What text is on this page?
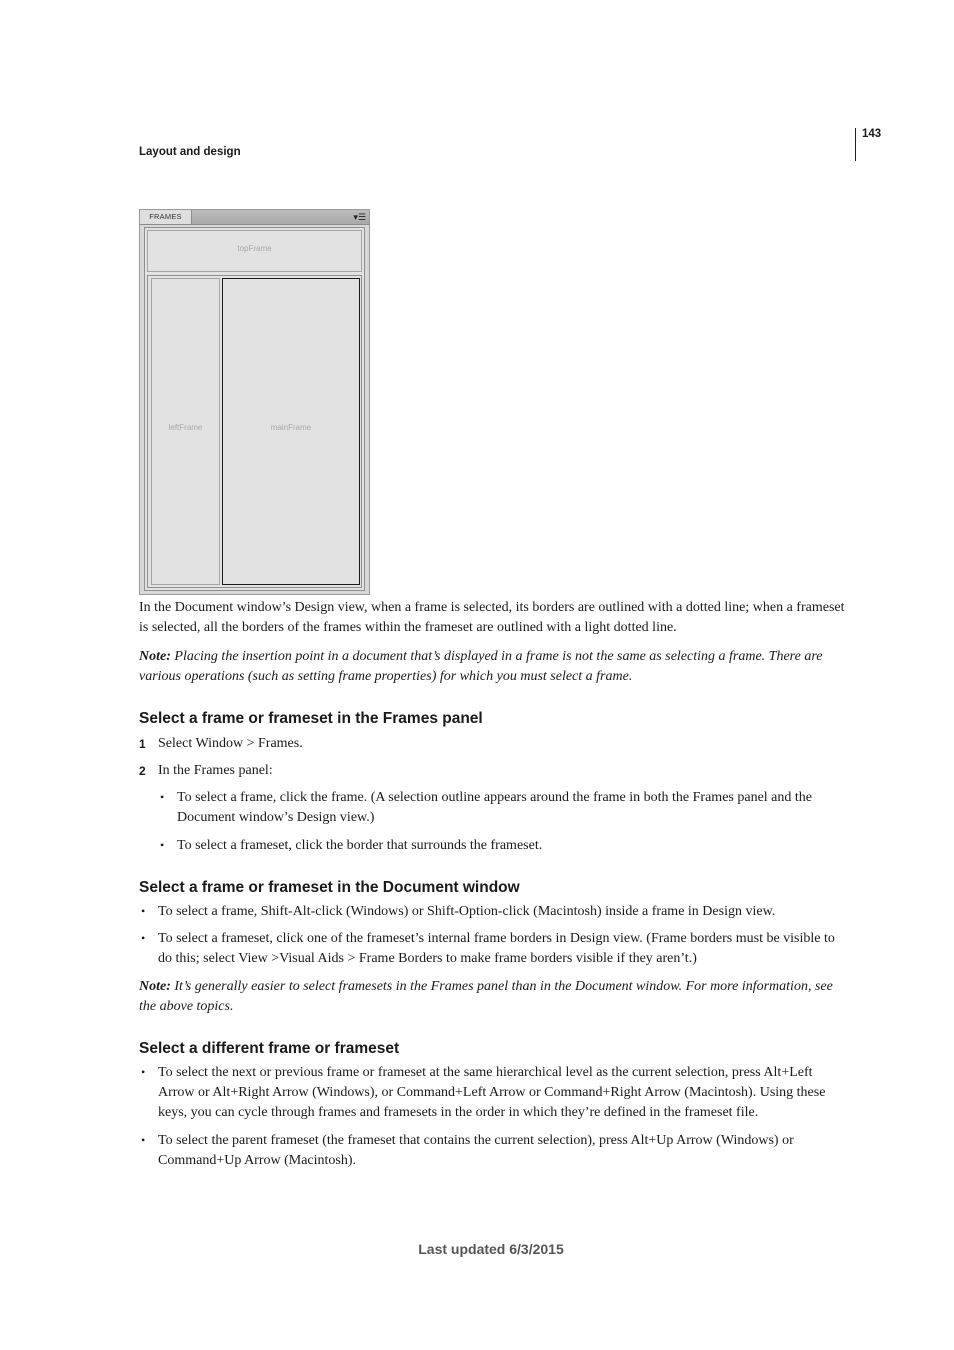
Layout and design
143
FRAMES	▾☰
topFrame
leftFrame	mainFrame

In the Document window’s Design view, when a frame is selected, its borders are outlined with a dotted line; when a frameset is selected, all the borders of the frames within the frameset are outlined with a light dotted line.

Note: Placing the insertion point in a document that’s displayed in a frame is not the same as selecting a frame. There are various operations (such as setting frame properties) for which you must select a frame.

Select a frame or frameset in the Frames panel
1 Select Window > Frames.
2 In the Frames panel:
• To select a frame, click the frame. (A selection outline appears around the frame in both the Frames panel and the Document window’s Design view.)

• To select a frameset, click the border that surrounds the frameset.

Select a frame or frameset in the Document window
• To select a frame, Shift-Alt-click (Windows) or Shift-Option-click (Macintosh) inside a frame in Design view.

• To select a frameset, click one of the frameset’s internal frame borders in Design view. (Frame borders must be visible to do this; select View >Visual Aids > Frame Borders to make frame borders visible if they aren’t.)

Note: It’s generally easier to select framesets in the Frames panel than in the Document window. For more information, see the above topics.

Select a different frame or frameset
• To select the next or previous frame or frameset at the same hierarchical level as the current selection, press Alt+Left Arrow or Alt+Right Arrow (Windows), or Command+Left Arrow or Command+Right Arrow (Macintosh). Using these keys, you can cycle through frames and framesets in the order in which they’re defined in the frameset file.

• To select the parent frameset (the frameset that contains the current selection), press Alt+Up Arrow (Windows) or Command+Up Arrow (Macintosh).

Last updated 6/3/2015
